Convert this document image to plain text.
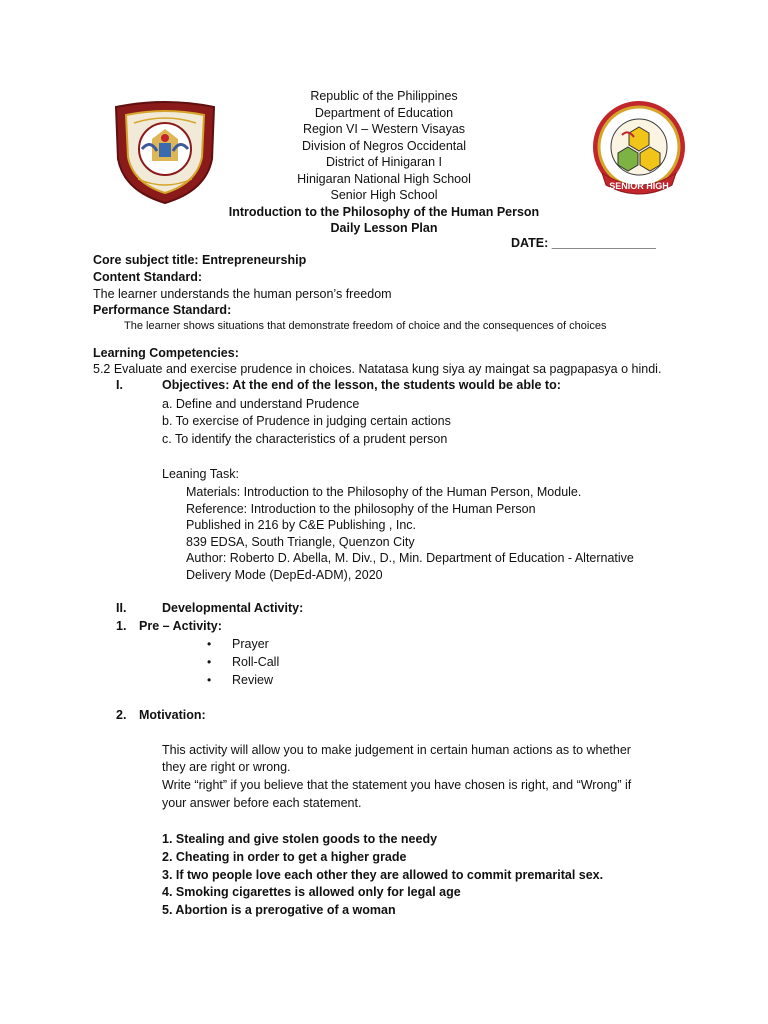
SENIOR HIGH
Republic of the Philippines
Department of Education
Region VI – Western Visayas
Division of Negros Occidental
District of Hinigaran I
Hinigaran National High School
Senior High School
Introduction to the Philosophy of the Human Person
Daily Lesson Plan
DATE: _______________
Core subject title: Entrepreneurship
Content Standard:
The learner understands the human person’s freedom
Performance Standard:
The learner shows situations that demonstrate freedom of choice and the consequences of choices
Learning Competencies:
5.2 Evaluate and exercise prudence in choices. Natatasa kung siya ay maingat sa pagpapasya o hindi.
I.	Objectives: At the end of the lesson, the students would be able to:
a. Define and understand Prudence
b. To exercise of Prudence in judging certain actions
c. To identify the characteristics of a prudent person
Leaning Task:
Materials: Introduction to the Philosophy of the Human Person, Module.
Reference: Introduction to the philosophy of the Human Person
Published in 216 by C&E Publishing , Inc.
839 EDSA, South Triangle, Quenzon City
Author: Roberto D. Abella, M. Div., D., Min. Department of Education - Alternative
Delivery Mode (DepEd-ADM), 2020
II.	Developmental Activity:
1. Pre – Activity:
• Prayer
• Roll-Call
• Review
2. Motivation:
This activity will allow you to make judgement in certain human actions as to whether
they are right or wrong.
Write “right” if you believe that the statement you have chosen is right, and “Wrong” if
your answer before each statement.
1. Stealing and give stolen goods to the needy
2. Cheating in order to get a higher grade
3. If two people love each other they are allowed to commit premarital sex.
4. Smoking cigarettes is allowed only for legal age
5. Abortion is a prerogative of a woman
